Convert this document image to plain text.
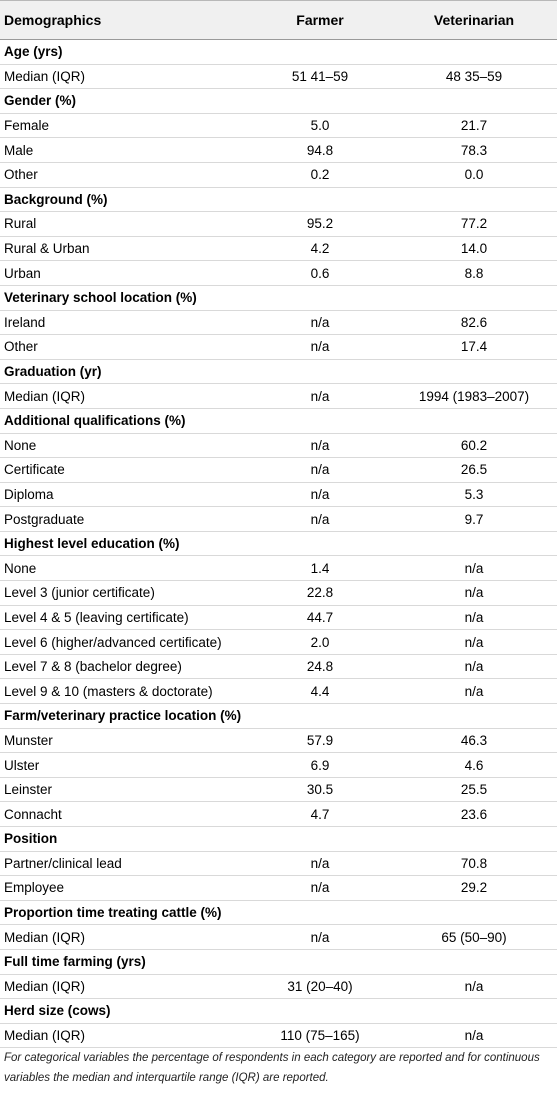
Demographics	Farmer	Veterinarian
Age (yrs)		
Median (IQR)	51 41–59	48 35–59
Gender (%)		
Female	5.0	21.7
Male	94.8	78.3
Other	0.2	0.0
Background (%)		
Rural	95.2	77.2
Rural & Urban	4.2	14.0
Urban	0.6	8.8
Veterinary school location (%)		
Ireland	n/a	82.6
Other	n/a	17.4
Graduation (yr)		
Median (IQR)	n/a	1994 (1983–2007)
Additional qualifications (%)		
None	n/a	60.2
Certificate	n/a	26.5
Diploma	n/a	5.3
Postgraduate	n/a	9.7
Highest level education (%)		
None	1.4	n/a
Level 3 (junior certificate)	22.8	n/a
Level 4 & 5 (leaving certificate)	44.7	n/a
Level 6 (higher/advanced certificate)	2.0	n/a
Level 7 & 8 (bachelor degree)	24.8	n/a
Level 9 & 10 (masters & doctorate)	4.4	n/a
Farm/veterinary practice location (%)		
Munster	57.9	46.3
Ulster	6.9	4.6
Leinster	30.5	25.5
Connacht	4.7	23.6
Position		
Partner/clinical lead	n/a	70.8
Employee	n/a	29.2
Proportion time treating cattle (%)		
Median (IQR)	n/a	65 (50–90)
Full time farming (yrs)		
Median (IQR)	31 (20–40)	n/a
Herd size (cows)		
Median (IQR)	110 (75–165)	n/a
For categorical variables the percentage of respondents in each category are reported and for continuous variables the median and interquartile range (IQR) are reported.
